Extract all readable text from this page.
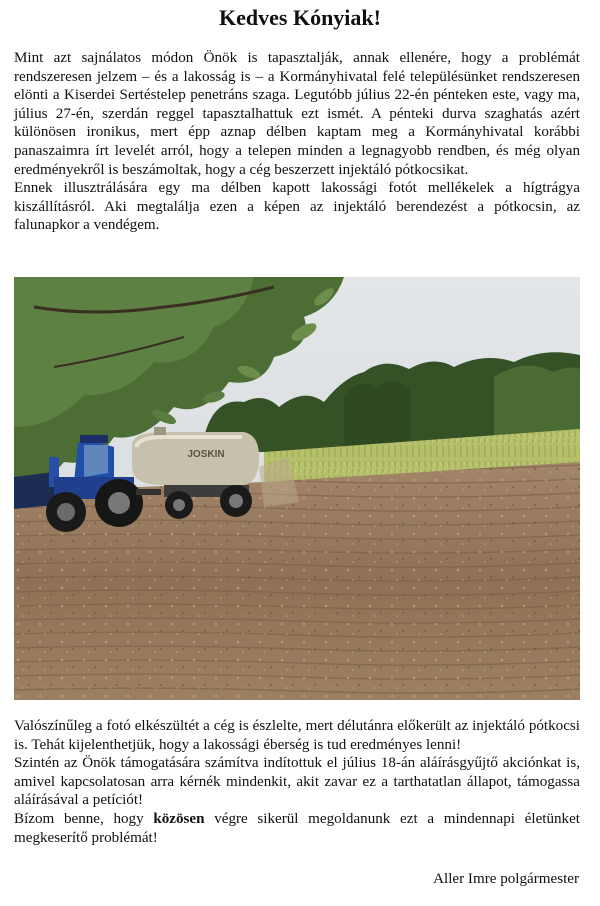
Kedves Kónyiak!

Mint azt sajnálatos módon Önök is tapasztalják, annak ellenére, hogy a problémát rendszeresen jelzem – és a lakosság is – a Kormányhivatal felé településünket rendszeresen elönti a Kiserdei Sertéstelep penetráns szaga. Legutóbb július 22-én pénteken este, vagy ma, július 27-én, szerdán reggel tapasztalhattuk ezt ismét. A pénteki durva szaghatás azért különösen ironikus, mert épp aznap délben kaptam meg a Kormányhivatal korábbi panaszaimra írt levelét arról, hogy a telepen minden a legnagyobb rendben, és még olyan eredményekről is beszámoltak, hogy a cég beszerzett injektáló pótkocsikat.

Ennek illusztrálására egy ma délben kapott lakossági fotót mellékelek a hígtrágya kiszállításról. Aki megtalálja ezen a képen az injektáló berendezést a pótkocsin, az falunapkor a vendégem.

JOSKIN

Valószínűleg a fotó elkészültét a cég is észlelte, mert délutánra előkerült az injektáló pótkocsi is. Tehát kijelenthetjük, hogy a lakossági éberség is tud eredményes lenni!

Szintén az Önök támogatására számítva indítottuk el július 18-án aláírásgyűjtő akciónkat is, amivel kapcsolatosan arra kérnék mindenkit, akit zavar ez a tarthatatlan állapot, támogassa aláírásával a petíciót!

Bízom benne, hogy közösen végre sikerül megoldanunk ezt a mindennapi életünket megkeserítő problémát!

Aller Imre polgármester
